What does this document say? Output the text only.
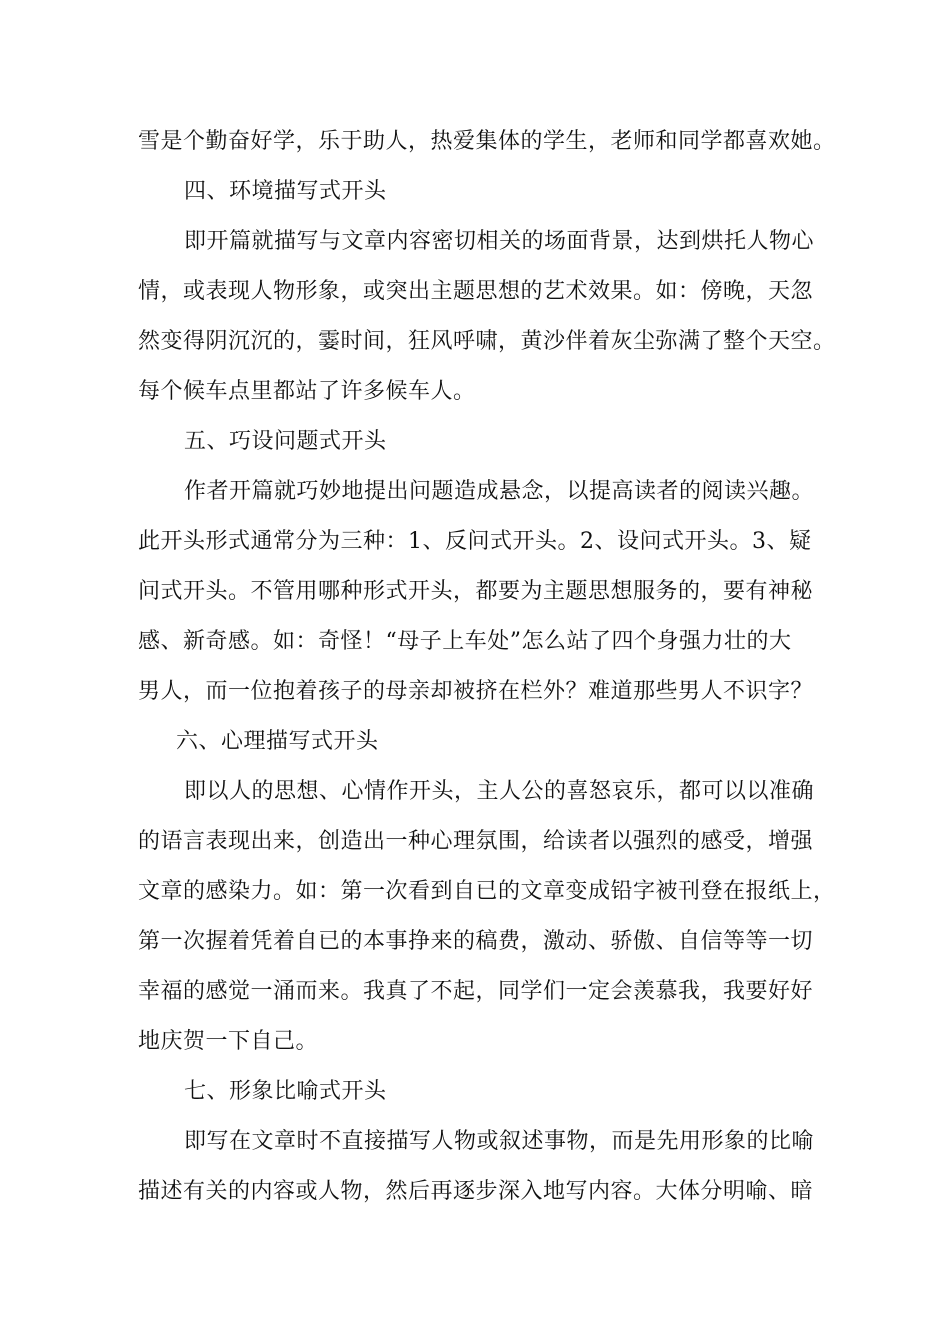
雪是个勤奋好学，乐于助人，热爱集体的学生，老师和同学都喜欢她。
四、环境描写式开头
即开篇就描写与文章内容密切相关的场面背景，达到烘托人物心
情，或表现人物形象，或突出主题思想的艺术效果。如：傍晚，天忽
然变得阴沉沉的，霎时间，狂风呼啸，黄沙伴着灰尘弥满了整个天空。
每个候车点里都站了许多候车人。
五、巧设问题式开头
作者开篇就巧妙地提出问题造成悬念，以提高读者的阅读兴趣。
此开头形式通常分为三种：1、反问式开头。2、设问式开头。3、疑
问式开头。不管用哪种形式开头，都要为主题思想服务的，要有神秘
感、新奇感。如：奇怪！“母子上车处”怎么站了四个身强力壮的大
男人，而一位抱着孩子的母亲却被挤在栏外？难道那些男人不识字？
六、心理描写式开头
即以人的思想、心情作开头，主人公的喜怒哀乐，都可以以准确
的语言表现出来，创造出一种心理氛围，给读者以强烈的感受，增强
文章的感染力。如：第一次看到自已的文章变成铅字被刊登在报纸上，
第一次握着凭着自已的本事挣来的稿费，激动、骄傲、自信等等一切
幸福的感觉一涌而来。我真了不起，同学们一定会羡慕我，我要好好
地庆贺一下自己。
七、形象比喻式开头
即写在文章时不直接描写人物或叙述事物，而是先用形象的比喻
描述有关的内容或人物，然后再逐步深入地写内容。大体分明喻、暗
